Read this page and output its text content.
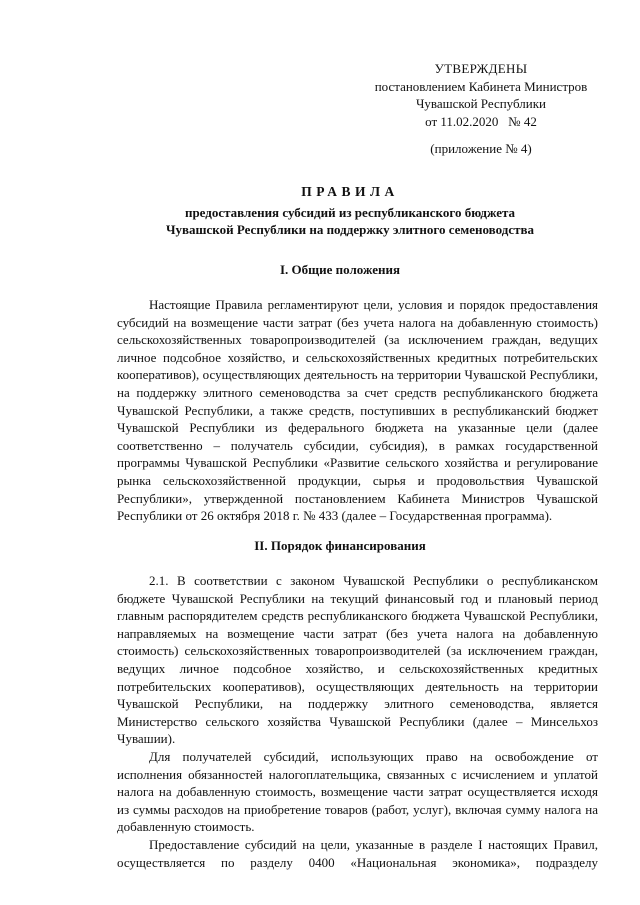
УТВЕРЖДЕНЫ
постановлением Кабинета Министров
Чувашской Республики
от 11.02.2020   № 42
(приложение № 4)
ПРАВИЛА
предоставления субсидий из республиканского бюджета
Чувашской Республики на поддержку элитного семеноводства
I. Общие положения

Настоящие Правила регламентируют цели, условия и порядок предоставления субсидий на возмещение части затрат (без учета налога на добавленную стоимость) сельскохозяйственных товаропроизводителей (за исключением граждан, ведущих личное подсобное хозяйство, и сельскохозяйственных кредитных потребительских кооперативов), осуществляющих деятельность на территории Чувашской Республики, на поддержку элитного семеноводства за счет средств республиканского бюджета Чувашской Республики, а также средств, поступивших в республиканский бюджет Чувашской Республики из федерального бюджета на указанные цели (далее соответственно – получатель субсидии, субсидия), в рамках государственной программы Чувашской Республики «Развитие сельского хозяйства и регулирование рынка сельскохозяйственной продукции, сырья и продовольствия Чувашской Республики», утвержденной постановлением Кабинета Министров Чувашской Республики от 26 октября 2018 г. № 433 (далее – Государственная программа).

II. Порядок финансирования

2.1. В соответствии с законом Чувашской Республики о республиканском бюджете Чувашской Республики на текущий финансовый год и плановый период главным распорядителем средств республиканского бюджета Чувашской Республики, направляемых на возмещение части затрат (без учета налога на добавленную стоимость) сельскохозяйственных товаропроизводителей (за исключением граждан, ведущих личное подсобное хозяйство, и сельскохозяйственных кредитных потребительских кооперативов), осуществляющих деятельность на территории Чувашской Республики, на поддержку элитного семеноводства, является Министерство сельского хозяйства Чувашской Республики (далее – Минсельхоз Чувашии).

Для получателей субсидий, использующих право на освобождение от исполнения обязанностей налогоплательщика, связанных с исчислением и уплатой налога на добавленную стоимость, возмещение части затрат осуществляется исходя из суммы расходов на приобретение товаров (работ, услуг), включая сумму налога на добавленную стоимость.

Предоставление субсидий на цели, указанные в разделе I настоящих Правил, осуществляется по разделу 0400 «Национальная экономика», подразделу
